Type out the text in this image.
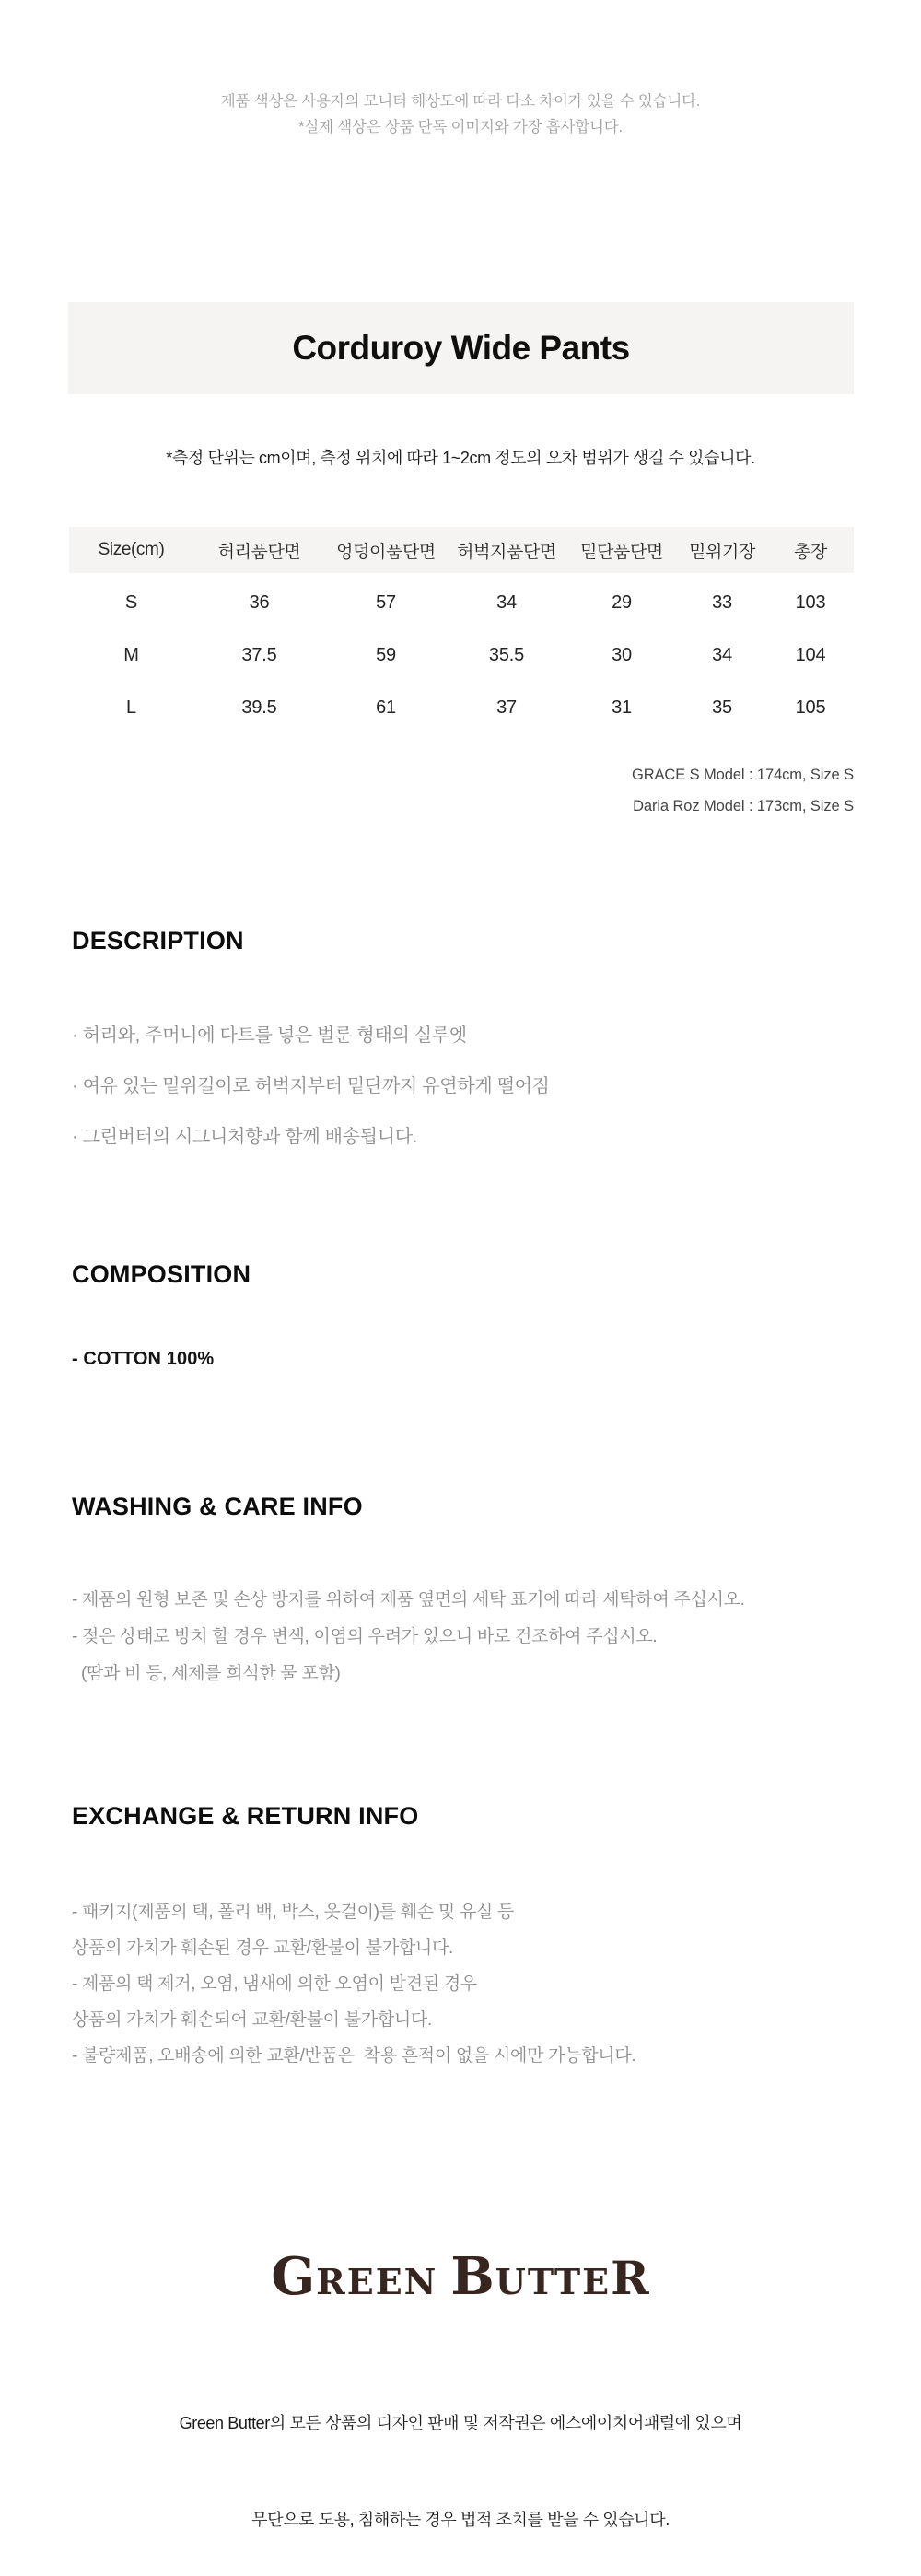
제품 색상은 사용자의 모니터 해상도에 따라 다소 차이가 있을 수 있습니다.
*실제 색상은 상품 단독 이미지와 가장 흡사합니다.
Corduroy Wide Pants
*측정 단위는 cm이며, 측정 위치에 따라 1~2cm 정도의 오차 범위가 생길 수 있습니다.
Size(cm)	허리품단면	엉덩이품단면	허벅지품단면	밑단품단면	밑위기장	총장
S	36	57	34	29	33	103
M	37.5	59	35.5	30	34	104
L	39.5	61	37	31	35	105
GRACE S Model : 174cm, Size S
Daria Roz Model : 173cm, Size S
DESCRIPTION
· 허리와, 주머니에 다트를 넣은 벌룬 형태의 실루엣
· 여유 있는 밑위길이로 허벅지부터 밑단까지 유연하게 떨어짐
· 그린버터의 시그니처향과 함께 배송됩니다.
COMPOSITION
- COTTON 100%
WASHING & CARE INFO
- 제품의 원형 보존 및 손상 방지를 위하여 제품 옆면의 세탁 표기에 따라 세탁하여 주십시오.
- 젖은 상태로 방치 할 경우 변색, 이염의 우려가 있으니 바로 건조하여 주십시오.
(땀과 비 등, 세제를 희석한 물 포함)
EXCHANGE & RETURN INFO
- 패키지(제품의 택, 폴리 백, 박스, 옷걸이)를 훼손 및 유실 등
상품의 가치가 훼손된 경우 교환/환불이 불가합니다.
- 제품의 택 제거, 오염, 냄새에 의한 오염이 발견된 경우
상품의 가치가 훼손되어 교환/환불이 불가합니다.
- 불량제품, 오배송에 의한 교환/반품은  착용 흔적이 없을 시에만 가능합니다.
GREEN BUTTER

Green Butter의 모든 상품의 디자인 판매 및 저작권은 에스에이치어패럴에 있으며

무단으로 도용, 침해하는 경우 법적 조치를 받을 수 있습니다.
